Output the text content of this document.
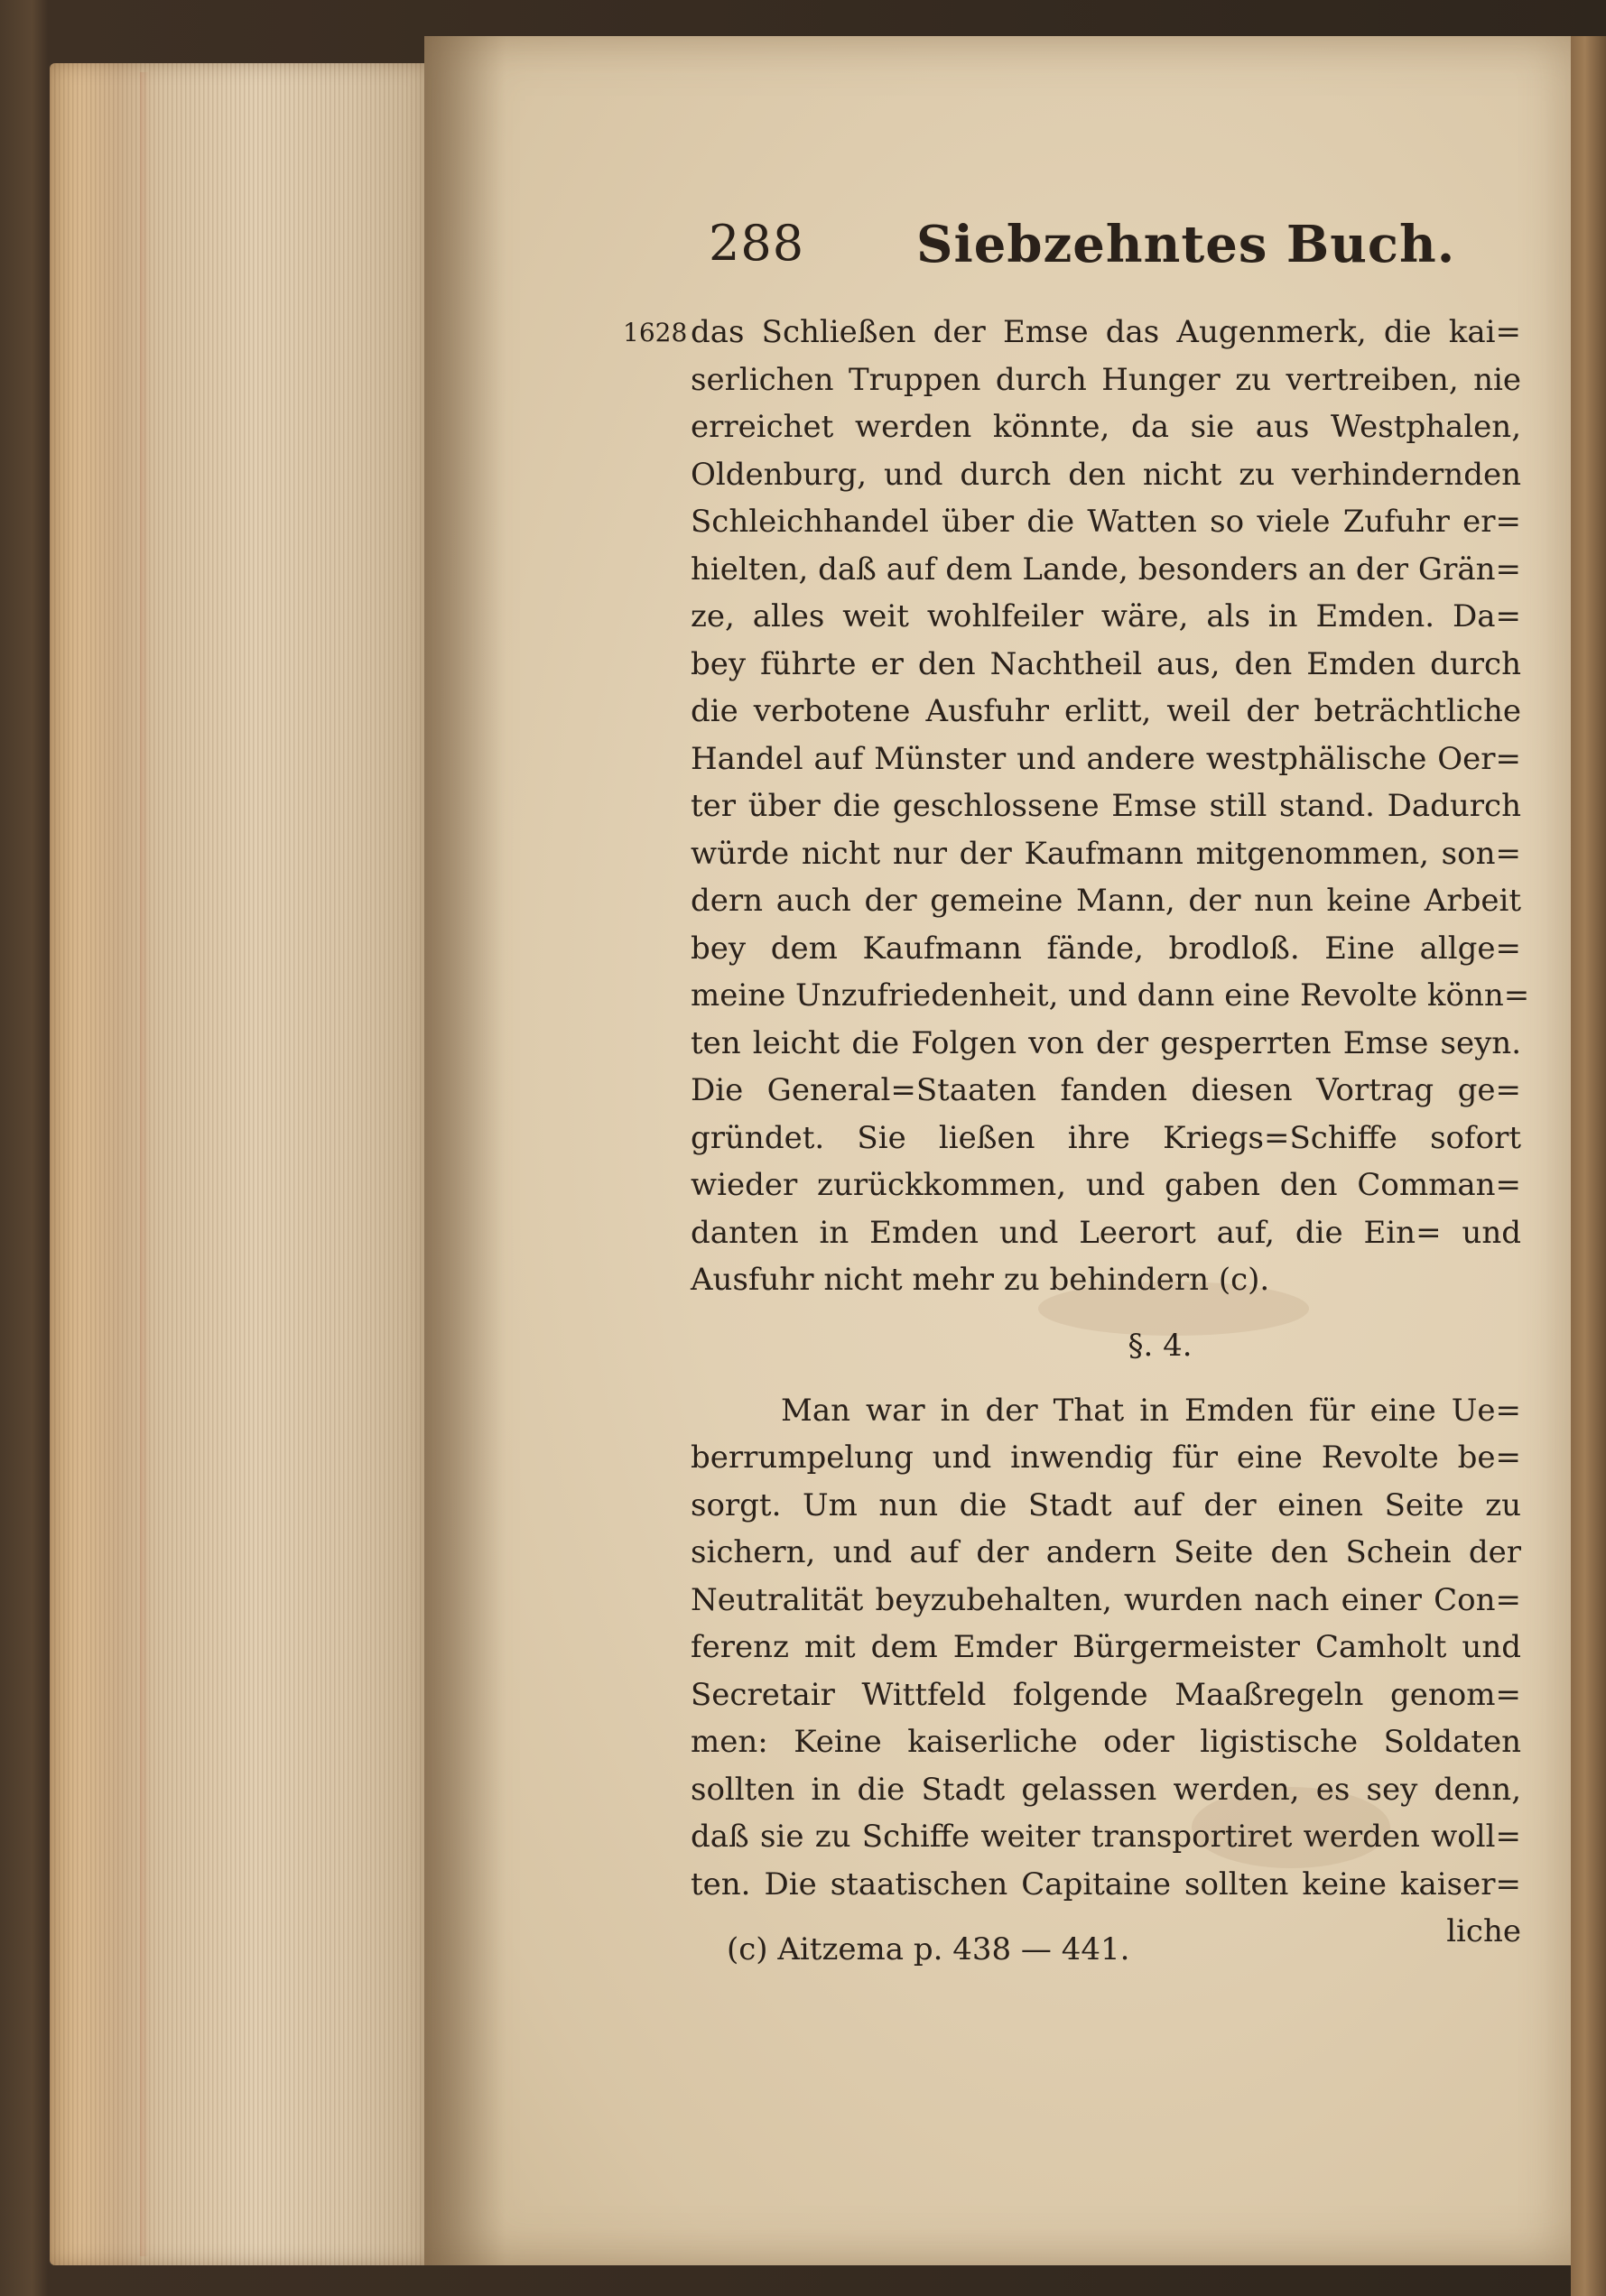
1628
288 Siebzehntes Buch.
das Schließen der Emse das Augenmerk, die kai=
serlichen Truppen durch Hunger zu vertreiben, nie
erreichet werden könnte, da sie aus Westphalen,
Oldenburg, und durch den nicht zu verhindernden
Schleichhandel über die Watten so viele Zufuhr er=
hielten, daß auf dem Lande, besonders an der Grän=
ze, alles weit wohlfeiler wäre, als in Emden. Da=
bey führte er den Nachtheil aus, den Emden durch
die verbotene Ausfuhr erlitt, weil der beträchtliche
Handel auf Münster und andere westphälische Oer=
ter über die geschlossene Emse still stand. Dadurch
würde nicht nur der Kaufmann mitgenommen, son=
dern auch der gemeine Mann, der nun keine Arbeit
bey dem Kaufmann fände, brodloß. Eine allge=
meine Unzufriedenheit, und dann eine Revolte könn=
ten leicht die Folgen von der gesperrten Emse seyn.
Die General=Staaten fanden diesen Vortrag ge=
gründet. Sie ließen ihre Kriegs=Schiffe sofort
wieder zurückkommen, und gaben den Comman=
danten in Emden und Leerort auf, die Ein= und
Ausfuhr nicht mehr zu behindern (c).
§. 4.
Man war in der That in Emden für eine Ue=
berrumpelung und inwendig für eine Revolte be=
sorgt. Um nun die Stadt auf der einen Seite zu
sichern, und auf der andern Seite den Schein der
Neutralität beyzubehalten, wurden nach einer Con=
ferenz mit dem Emder Bürgermeister Camholt und
Secretair Wittfeld folgende Maaßregeln genom=
men: Keine kaiserliche oder ligistische Soldaten
sollten in die Stadt gelassen werden, es sey denn,
daß sie zu Schiffe weiter transportiret werden woll=
ten. Die staatischen Capitaine sollten keine kaiser=
liche
(c) Aitzema p. 438 — 441.
